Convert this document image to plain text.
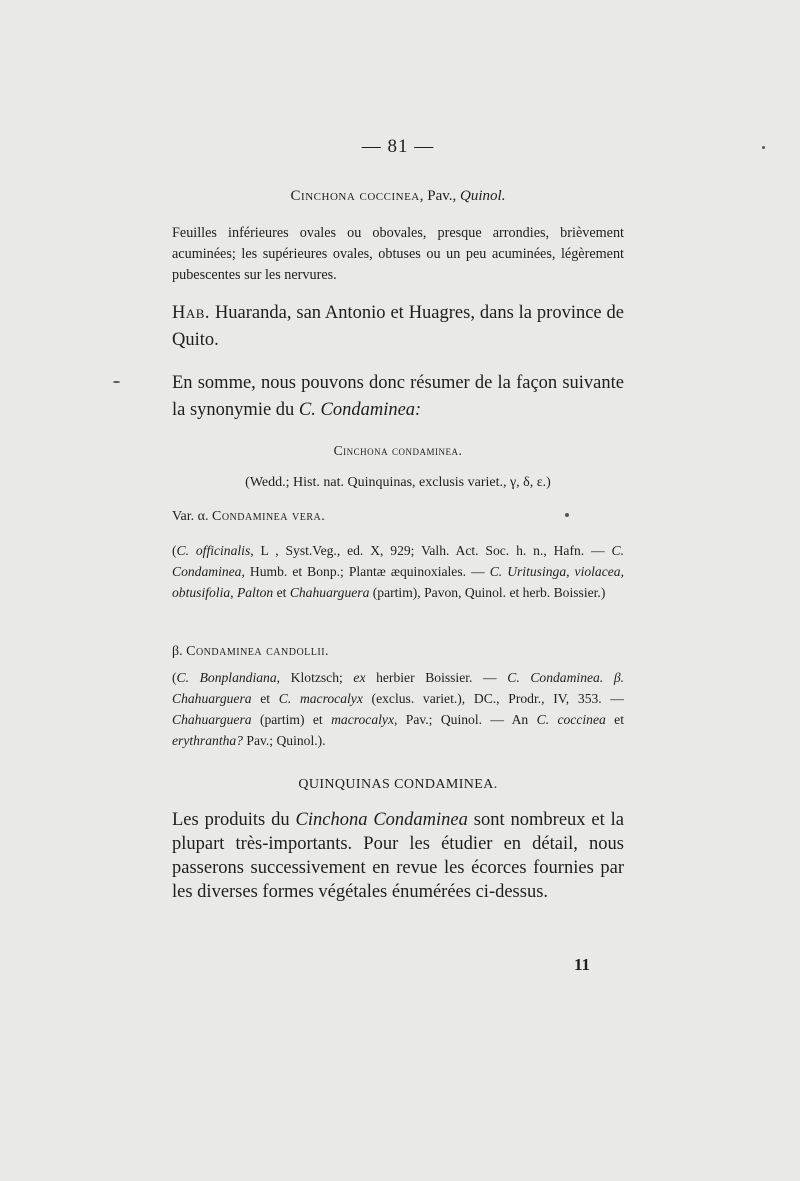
— 81 —

Cinchona coccinea, Pav., Quinol.

Feuilles inférieures ovales ou obovales, presque arrondies, brièvement acuminées; les supérieures ovales, obtuses ou un peu acuminées, légèrement pubescentes sur les nervures.

Hab. Huaranda, san Antonio et Huagres, dans la province de Quito.

En somme, nous pouvons donc résumer de la façon suivante la synonymie du C. Condaminea:

Cinchona condaminea.

(Wedd.; Hist. nat. Quinquinas, exclusis variet., γ, δ, ε.)

Var. α. Condaminea vera.

(C. officinalis, L , Syst.Veg., ed. X, 929; Valh. Act. Soc. h. n., Hafn. — C. Condaminea, Humb. et Bonp.; Plantæ æquinoxiales. — C. Uritusinga, violacea, obtusifolia, Palton et Chahuarguera (partim), Pavon, Quinol. et herb. Boissier.)

β. Condaminea candollii.

(C. Bonplandiana, Klotzsch; ex herbier Boissier. — C. Condaminea. β. Chahuarguera et C. macrocalyx (exclus. variet.), DC., Prodr., IV, 353. — Chahuarguera (partim) et macrocalyx, Pav.; Quinol. — An C. coccinea et erythrantha? Pav.; Quinol.).

QUINQUINAS CONDAMINEA.

Les produits du Cinchona Condaminea sont nombreux et la plupart très-importants. Pour les étudier en détail, nous passerons successivement en revue les écorces fournies par les diverses formes végétales énumérées ci-dessus.

11
